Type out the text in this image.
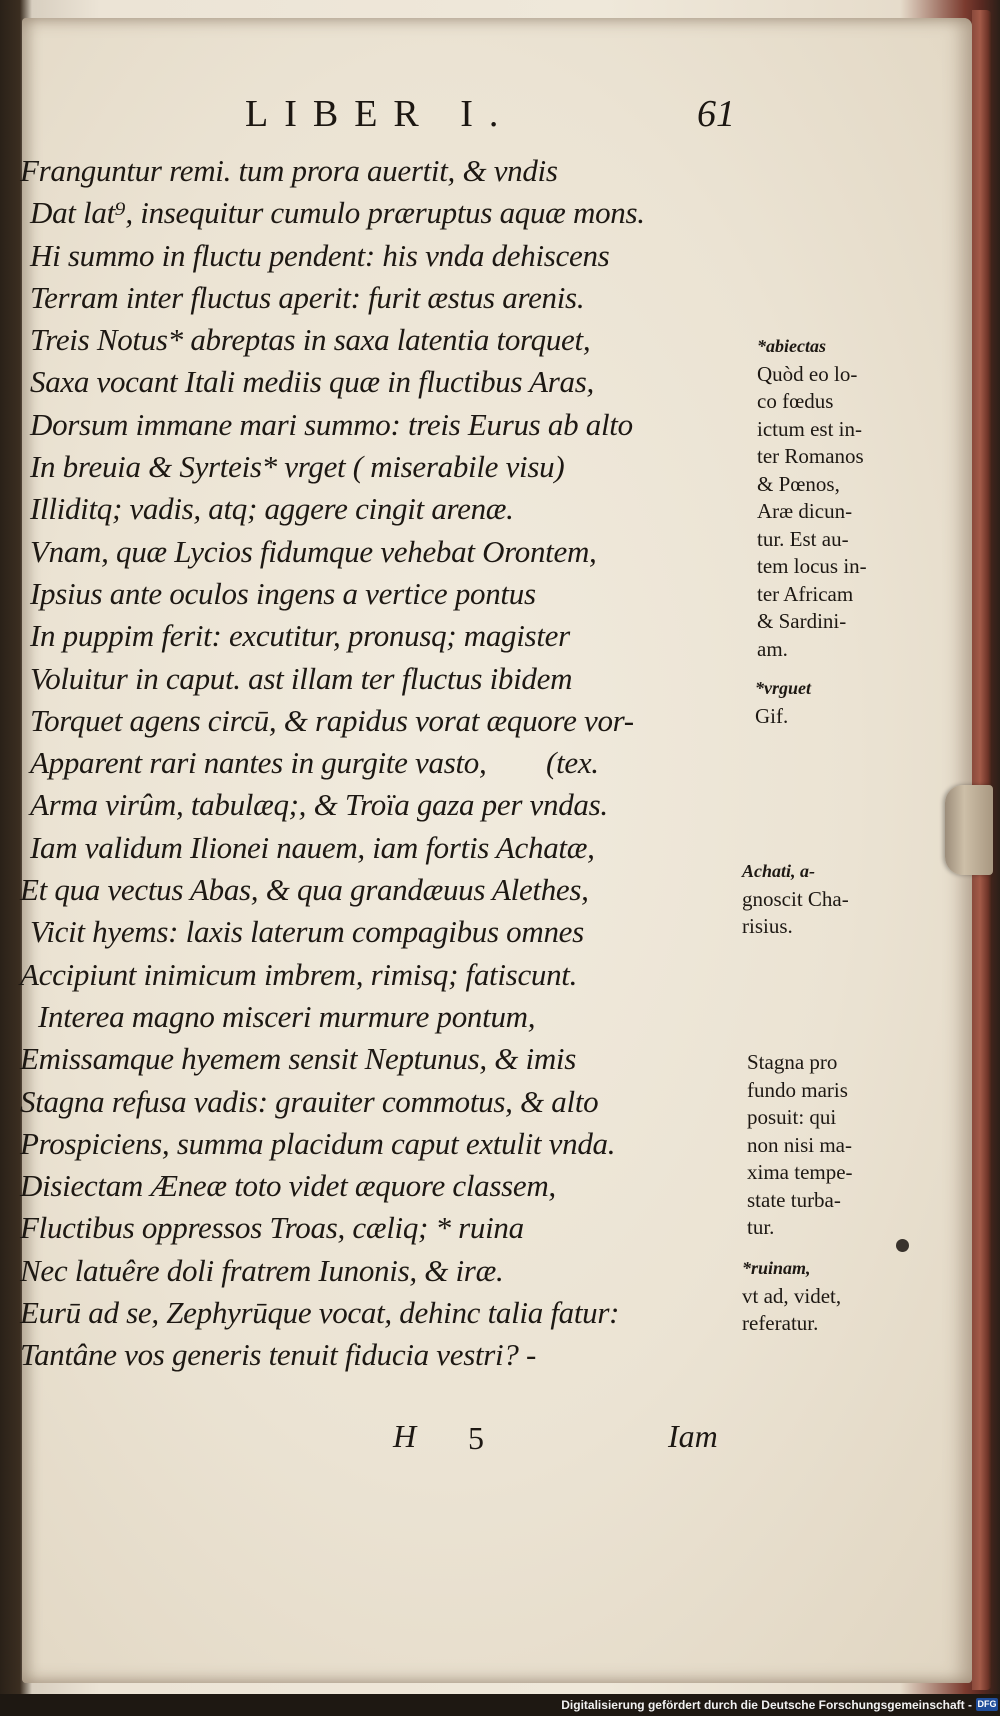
LIBER I.	61
Franguntur remi. tum prora auertit, & vndis
Dat lat⁹, insequitur cumulo præruptus aquæ mons.
Hi summo in fluctu pendent: his vnda dehiscens
Terram inter fluctus aperit: furit æstus arenis.
Treis Notus* abreptas in saxa latentia torquet,
Saxa vocant Itali mediis quæ in fluctibus Aras,
Dorsum immane mari summo: treis Eurus ab alto
In breuia & Syrteis* vrget ( miserabile visu)
Illiditq; vadis, atq; aggere cingit arenæ.
Vnam, quæ Lycios fidumque vehebat Orontem,
Ipsius ante oculos ingens a vertice pontus
In puppim ferit: excutitur, pronusq; magister
Voluitur in caput. ast illam ter fluctus ibidem
Torquet agens circū, & rapidus vorat æquore vor-
Apparent rari nantes in gurgite vasto,        (tex.
Arma virûm, tabulæq;, & Troïa gaza per vndas.
Iam validum Ilionei nauem, iam fortis Achatæ,
Et qua vectus Abas, & qua grandæuus Alethes,
Vicit hyems: laxis laterum compagibus omnes
Accipiunt inimicum imbrem, rimisq; fatiscunt.
Interea magno misceri murmure pontum,
Emissamque hyemem sensit Neptunus, & imis
Stagna refusa vadis: grauiter commotus, & alto
Prospiciens, summa placidum caput extulit vnda.
Disiectam Æneæ toto videt æquore classem,
Fluctibus oppressos Troas, cæliq; * ruina
Nec latuêre doli fratrem Iunonis, & iræ.
Eurū ad se, Zephyrūque vocat, dehinc talia fatur:
Tantâne vos generis tenuit fiducia vestri? -
*abiectas
Quòd eo lo-
co fœdus
ictum est in-
ter Romanos
& Pœnos,
Aræ dicun-
tur. Est au-
tem locus in-
ter Africam
& Sardini-
am.
*vrguet
Gif.
Achati, a-
gnoscit Cha-
risius.
Stagna pro
fundo maris
posuit: qui
non nisi ma-
xima tempe-
state turba-
tur.
*ruinam,
vt ad, videt,
referatur.
H 5	Iam
Digitalisierung gefördert durch die Deutsche Forschungsgemeinschaft - DFG
